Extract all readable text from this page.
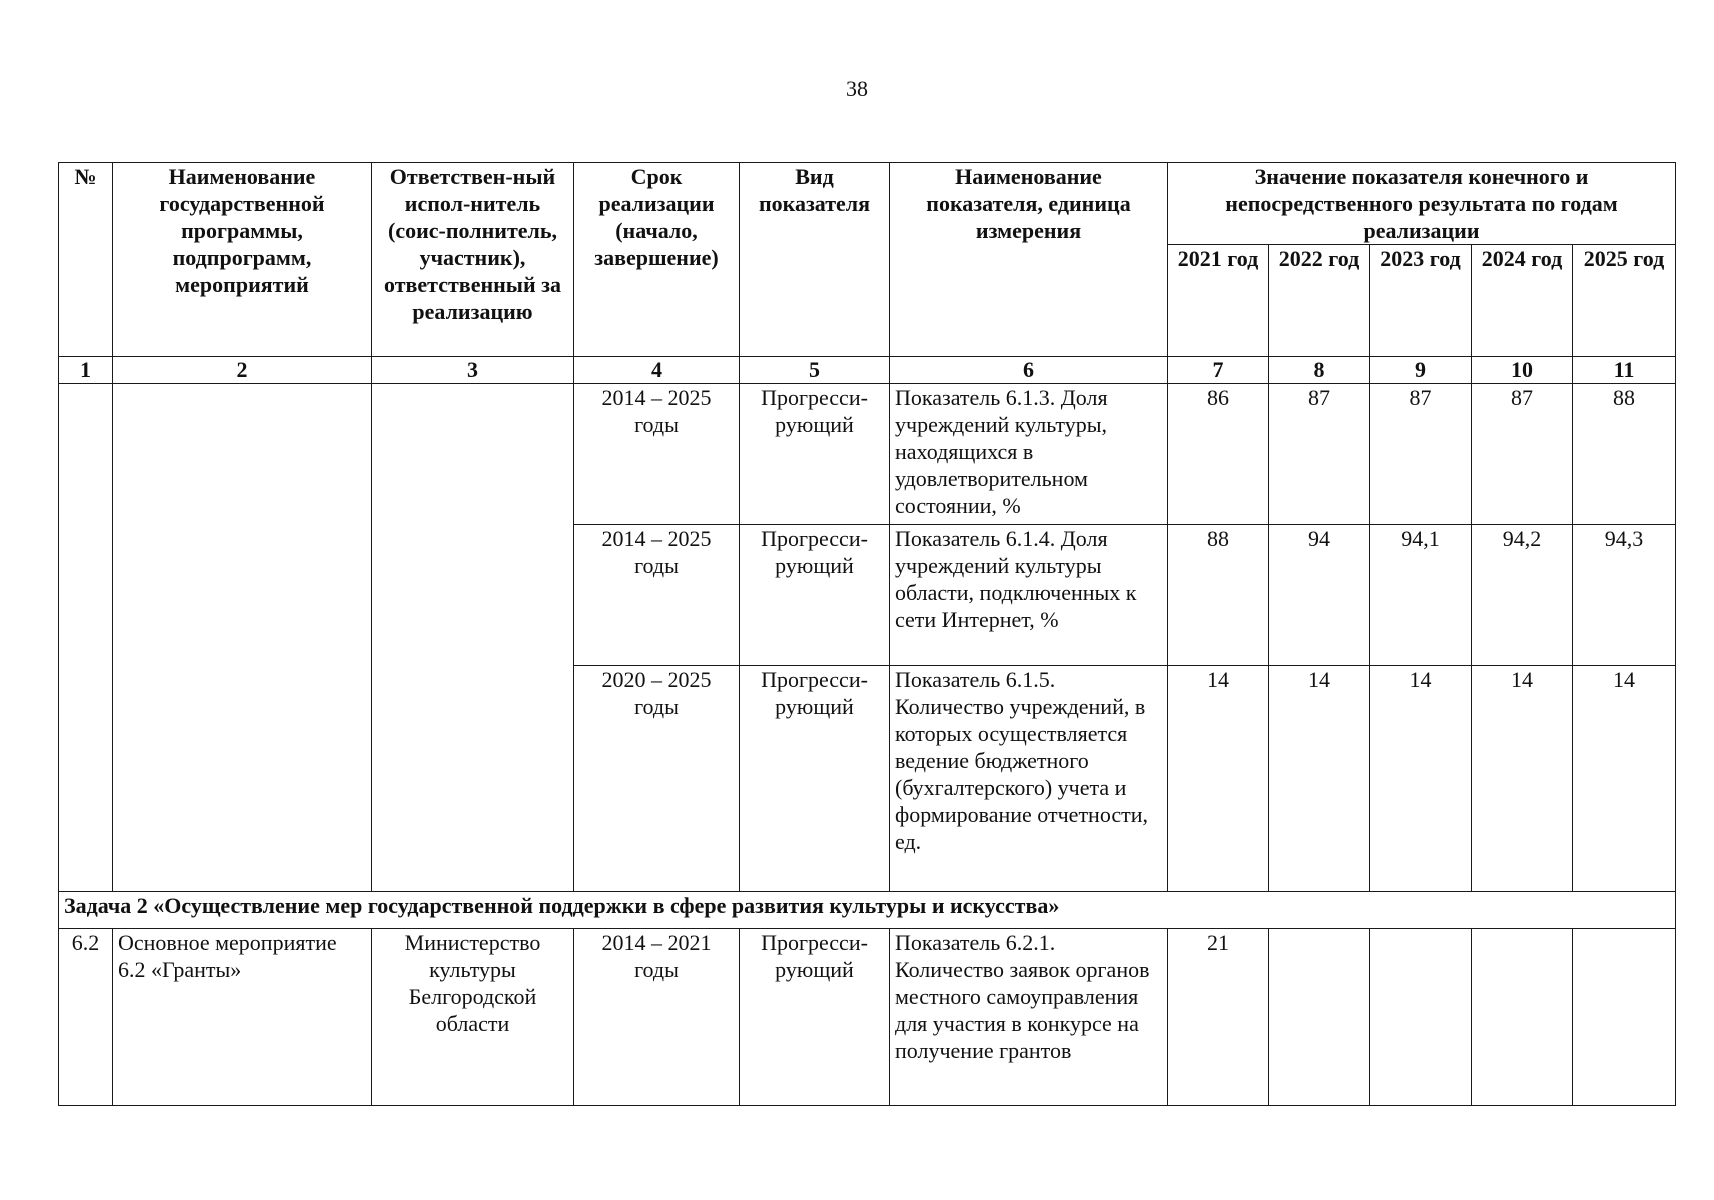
38
№	Наименование государственной программы, подпрограмм, мероприятий	Ответствен-ный испол-нитель (соис-полнитель, участник), ответственный за реализацию	Срок реализации (начало, завершение)	Вид показателя	Наименование показателя, единица измерения	Значение показателя конечного и непосредственного результата по годам реализации				
						2021 год	2022 год	2023 год	2024 год	2025 год
1	2	3	4	5	6	7	8	9	10	11
			2014 – 2025 годы	Прогресси-рующий	Показатель 6.1.3. Доля учреждений культуры, находящихся в удовлетворительном состоянии, %	86	87	87	87	88
			2014 – 2025 годы	Прогресси-рующий	Показатель 6.1.4. Доля учреждений культуры области, подключенных к сети Интернет, %	88	94	94,1	94,2	94,3
			2020 – 2025 годы	Прогресси-рующий	Показатель 6.1.5. Количество учреждений, в которых осуществляется ведение бюджетного (бухгалтерского) учета и формирование отчетности, ед.	14	14	14	14	14
Задача 2 «Осуществление мер государственной поддержки в сфере развития культуры и искусства»										
6.2	Основное мероприятие 6.2 «Гранты»	Министерство культуры Белгородской области	2014 – 2021 годы	Прогресси-рующий	Показатель 6.2.1. Количество заявок органов местного самоуправления для участия в конкурсе на получение грантов	21				
